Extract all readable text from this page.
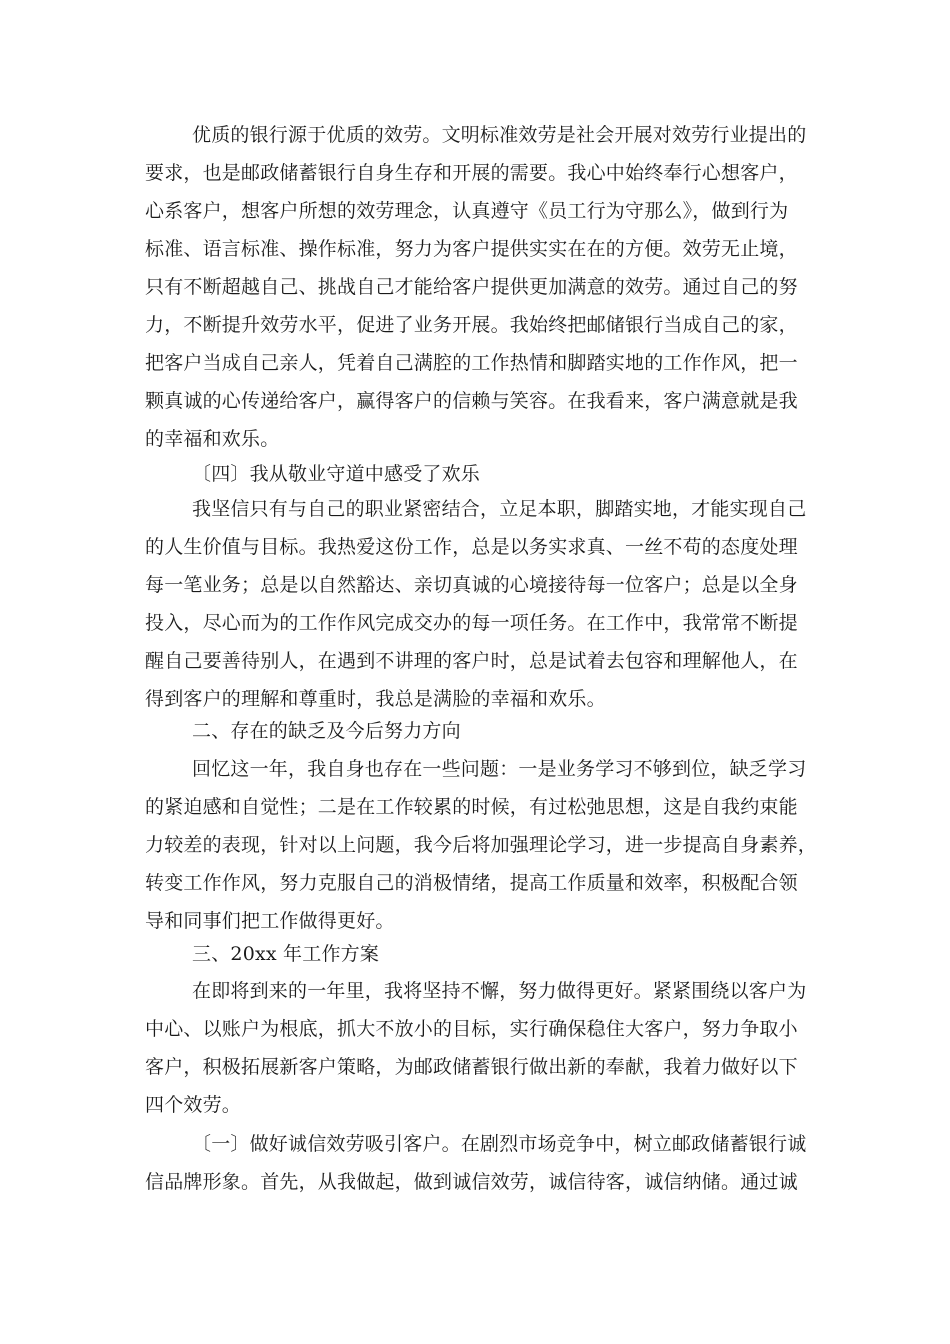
优质的银行源于优质的效劳。文明标准效劳是社会开展对效劳行业提出的
要求，也是邮政储蓄银行自身生存和开展的需要。我心中始终奉行心想客户，
心系客户，想客户所想的效劳理念，认真遵守《员工行为守那么》，做到行为
标准、语言标准、操作标准，努力为客户提供实实在在的方便。效劳无止境，
只有不断超越自己、挑战自己才能给客户提供更加满意的效劳。通过自己的努
力，不断提升效劳水平，促进了业务开展。我始终把邮储银行当成自己的家，
把客户当成自己亲人，凭着自己满腔的工作热情和脚踏实地的工作作风，把一
颗真诚的心传递给客户，赢得客户的信赖与笑容。在我看来，客户满意就是我
的幸福和欢乐。
〔四〕我从敬业守道中感受了欢乐
我坚信只有与自己的职业紧密结合，立足本职，脚踏实地，才能实现自己
的人生价值与目标。我热爱这份工作，总是以务实求真、一丝不苟的态度处理
每一笔业务；总是以自然豁达、亲切真诚的心境接待每一位客户；总是以全身
投入，尽心而为的工作作风完成交办的每一项任务。在工作中，我常常不断提
醒自己要善待别人，在遇到不讲理的客户时，总是试着去包容和理解他人，在
得到客户的理解和尊重时，我总是满脸的幸福和欢乐。
二、存在的缺乏及今后努力方向
回忆这一年，我自身也存在一些问题：一是业务学习不够到位，缺乏学习
的紧迫感和自觉性；二是在工作较累的时候，有过松弛思想，这是自我约束能
力较差的表现，针对以上问题，我今后将加强理论学习，进一步提高自身素养，
转变工作作风，努力克服自己的消极情绪，提高工作质量和效率，积极配合领
导和同事们把工作做得更好。
三、20xx 年工作方案
在即将到来的一年里，我将坚持不懈，努力做得更好。紧紧围绕以客户为
中心、以账户为根底，抓大不放小的目标，实行确保稳住大客户，努力争取小
客户，积极拓展新客户策略，为邮政储蓄银行做出新的奉献，我着力做好以下
四个效劳。
〔一〕做好诚信效劳吸引客户。在剧烈市场竞争中，树立邮政储蓄银行诚
信品牌形象。首先，从我做起，做到诚信效劳，诚信待客，诚信纳储。通过诚
